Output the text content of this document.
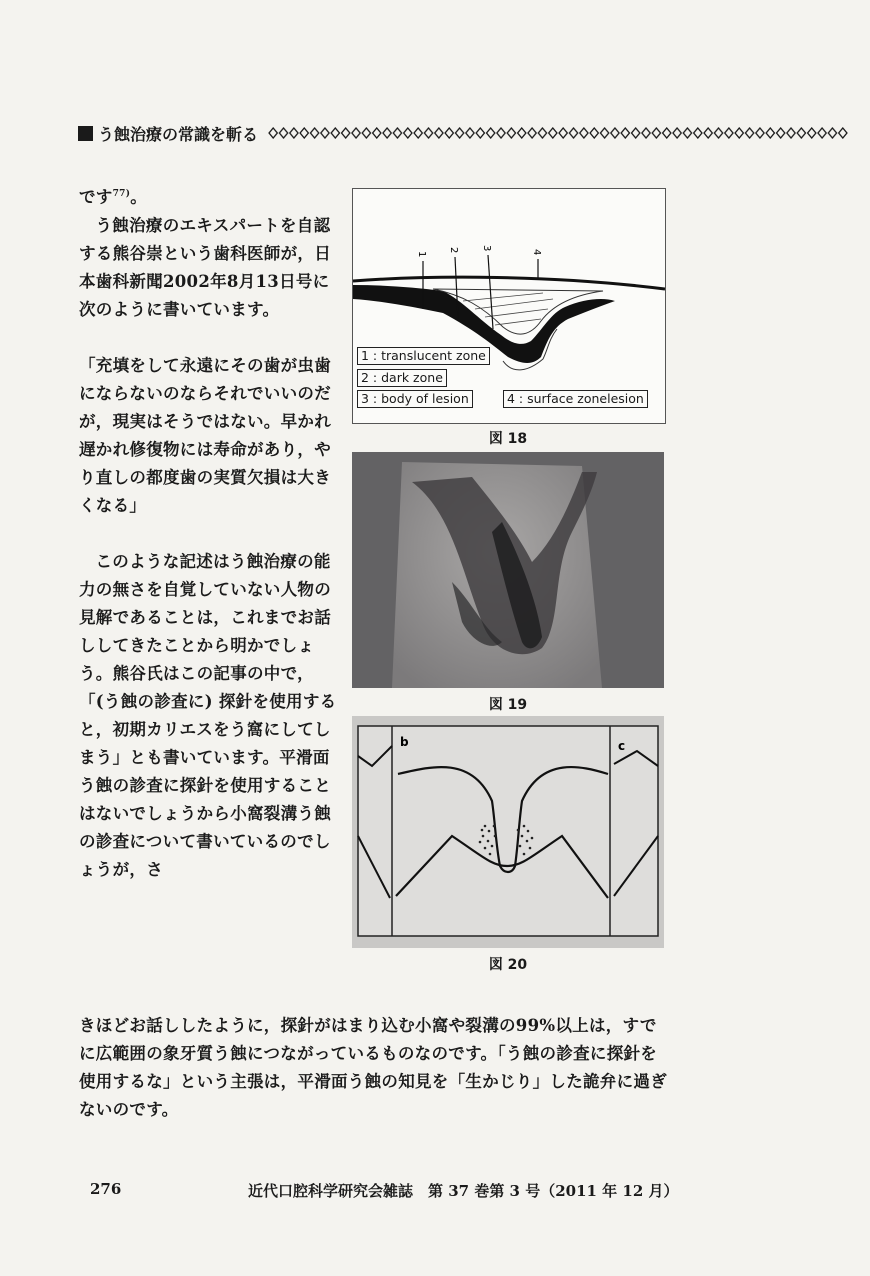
う蝕治療の常識を斬る

です$^{77)}$。

う蝕治療のエキスパートを自認する熊谷崇という歯科医師が，日本歯科新聞2002年8月13日号に次のように書いています。

「充填をして永遠にその歯が虫歯にならないのならそれでいいのだが，現実はそうではない。早かれ遅かれ修復物には寿命があり，やり直しの都度歯の実質欠損は大きくなる」

このような記述はう蝕治療の能力の無さを自覚していない人物の見解であることは，これまでお話ししてきたことから明かでしょう。熊谷氏はこの記事の中で，「(う蝕の診査に) 探針を使用すると，初期カリエスをう窩にしてしまう」とも書いています。平滑面う蝕の診査に探針を使用することはないでしょうから小窩裂溝う蝕の診査について書いているのでしょうが，さ

きほどお話ししたように，探針がはまり込む小窩や裂溝の99%以上は，すでに広範囲の象牙質う蝕につながっているものなのです。「う蝕の診査に探針を使用するな」という主張は，平滑面う蝕の知見を「生かじり」した詭弁に過ぎないのです。

1
2 3
4
1 : translucent zone
2 : dark zone
3 : body of lesion	4 : surface zonelesion
図 18
図 19
b	c
図 20
276	近代口腔科学研究会雑誌　第 37 巻第 3 号（2011 年 12 月）
